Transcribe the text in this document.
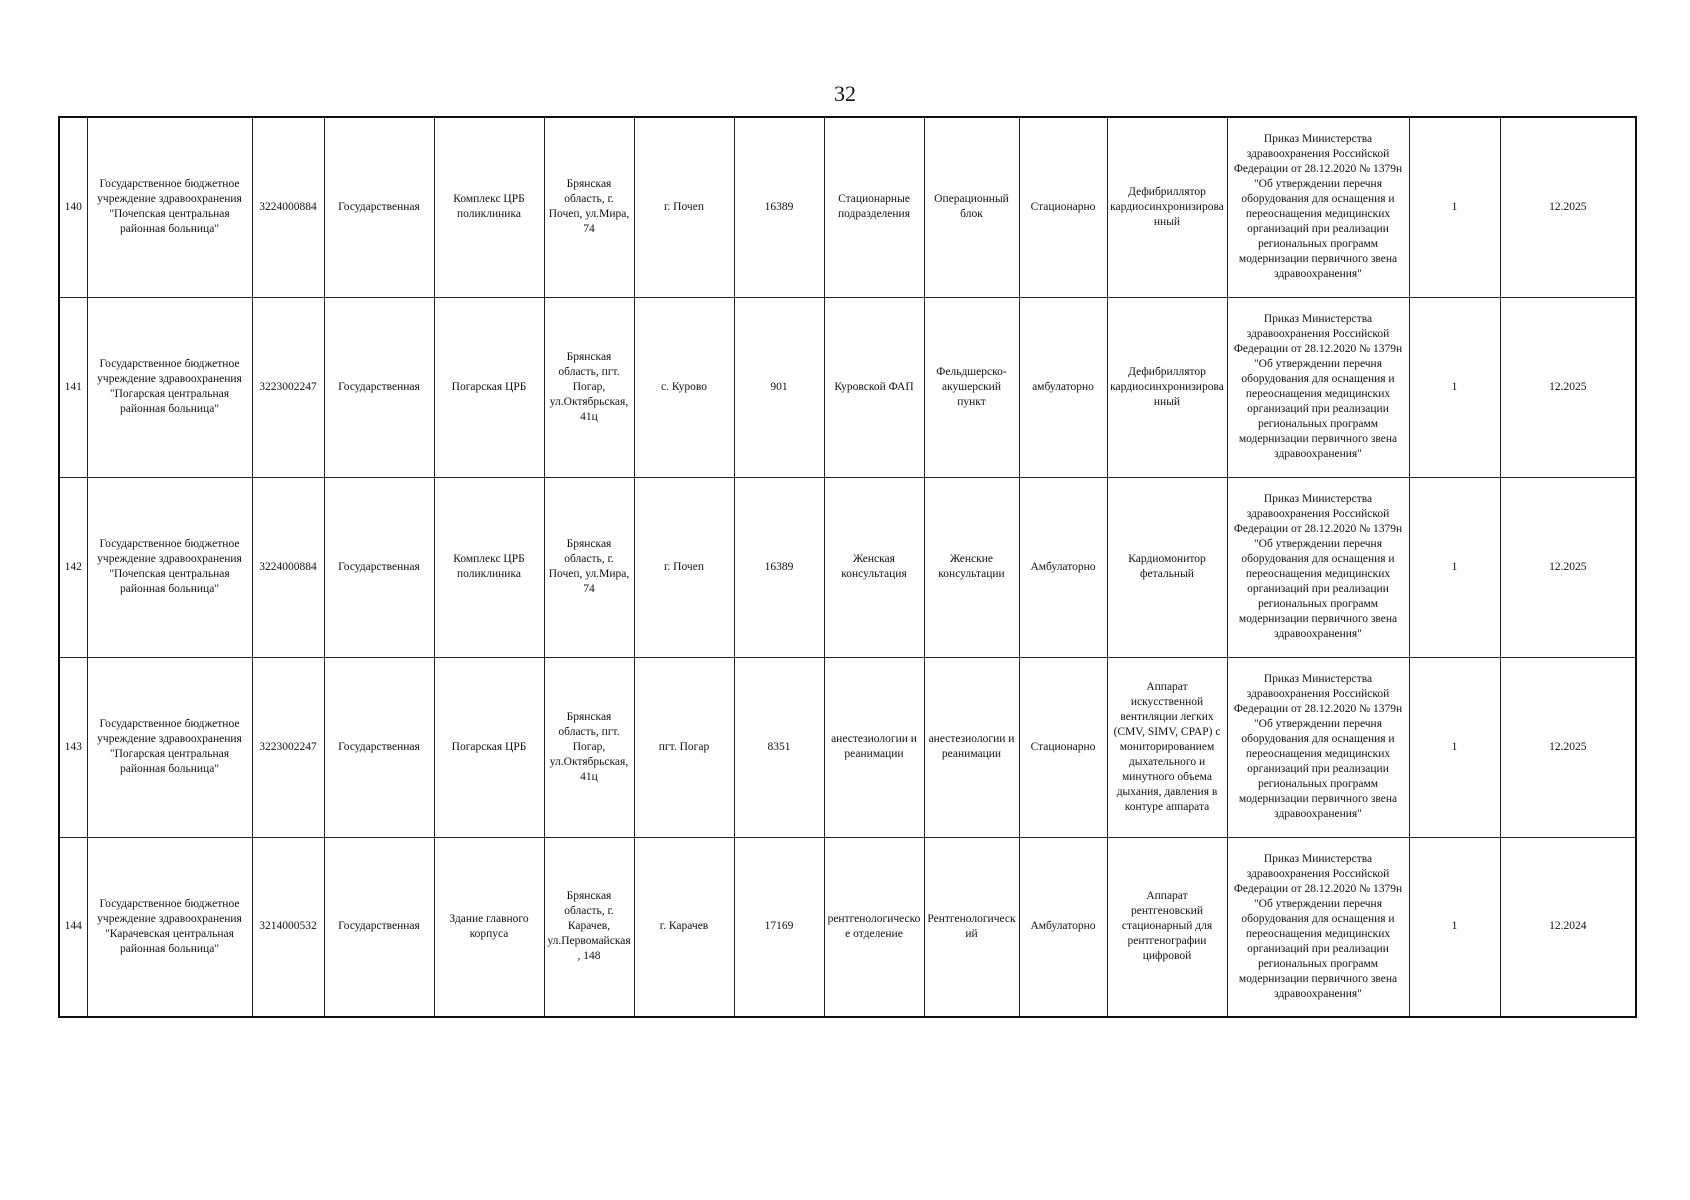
32
140	Государственное бюджетное учреждение здравоохранения "Почепская центральная районная больница"	3224000884	Государственная	Комплекс ЦРБ поликлиника	Брянская область, г. Почеп, ул.Мира, 74	г. Почеп	16389	Стационарные подразделения	Операционный блок	Стационарно	Дефибриллятор кардиосинхронизированный	Приказ Министерства здравоохранения Российской Федерации от 28.12.2020 № 1379н "Об утверждении перечня оборудования для оснащения и переоснащения медицинских организаций при реализации региональных программ модернизации первичного звена здравоохранения"	1	12.2025
141	Государственное бюджетное учреждение здравоохранения "Погарская центральная районная больница"	3223002247	Государственная	Погарская ЦРБ	Брянская область, пгт. Погар, ул.Октябрьская, 41ц	с. Курово	901	Куровской ФАП	Фельдшерско-акушерский пункт	амбулаторно	Дефибриллятор кардиосинхронизированный	Приказ Министерства здравоохранения Российской Федерации от 28.12.2020 № 1379н "Об утверждении перечня оборудования для оснащения и переоснащения медицинских организаций при реализации региональных программ модернизации первичного звена здравоохранения"	1	12.2025
142	Государственное бюджетное учреждение здравоохранения "Почепская центральная районная больница"	3224000884	Государственная	Комплекс ЦРБ поликлиника	Брянская область, г. Почеп, ул.Мира, 74	г. Почеп	16389	Женская консультация	Женские консультации	Амбулаторно	Кардиомонитор фетальный	Приказ Министерства здравоохранения Российской Федерации от 28.12.2020 № 1379н "Об утверждении перечня оборудования для оснащения и переоснащения медицинских организаций при реализации региональных программ модернизации первичного звена здравоохранения"	1	12.2025
143	Государственное бюджетное учреждение здравоохранения "Погарская центральная районная больница"	3223002247	Государственная	Погарская ЦРБ	Брянская область, пгт. Погар, ул.Октябрьская, 41ц	пгт. Погар	8351	анестезиологии и реанимации	анестезиологии и реанимации	Стационарно	Аппарат искусственной вентиляции легких (CMV, SIMV, CPAP) с мониторированием дыхательного и минутного объема дыхания, давления в контуре аппарата	Приказ Министерства здравоохранения Российской Федерации от 28.12.2020 № 1379н "Об утверждении перечня оборудования для оснащения и переоснащения медицинских организаций при реализации региональных программ модернизации первичного звена здравоохранения"	1	12.2025
144	Государственное бюджетное учреждение здравоохранения "Карачевская центральная районная больница"	3214000532	Государственная	Здание главного корпуса	Брянская область, г. Карачев, ул.Первомайская, 148	г. Карачев	17169	рентгенологическое отделение	Рентгенологический	Амбулаторно	Аппарат рентгеновский стационарный для рентгенографии цифровой	Приказ Министерства здравоохранения Российской Федерации от 28.12.2020 № 1379н "Об утверждении перечня оборудования для оснащения и переоснащения медицинских организаций при реализации региональных программ модернизации первичного звена здравоохранения"	1	12.2024
